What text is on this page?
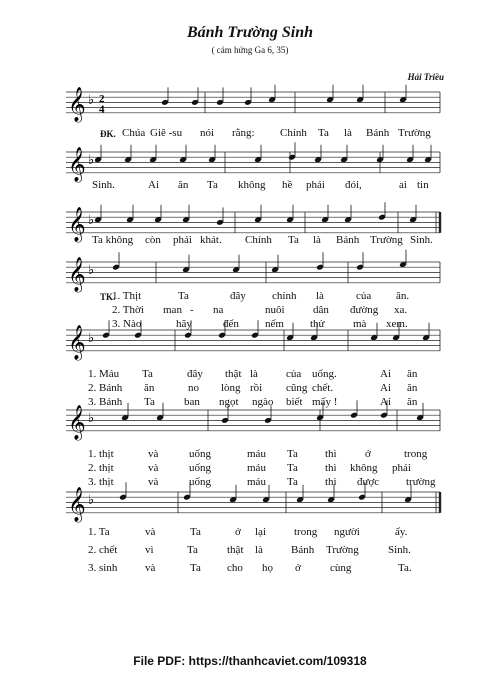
Bánh Trường Sinh
( cảm hứng Ga 6, 35)
Hải Triều
𝄞 ♭ 2
4
𝄞 ♭
𝄞 ♭
𝄞 ♭
𝄞 ♭
𝄞 ♭
𝄞 ♭
ĐK. Chúa Giê -su nói rằng: Chính Ta là Bánh Trường
Sinh.	Ai ăn Ta không hề phải đói,	ai tin
Ta không còn phải khát. Chính Ta là Bánh Trường Sinh.
TK.
1. Thịt	Ta	đây chính là	của ăn.
2. Thời man - na	nuôi	dân đường xa.
3. Nào	hãy	đến nếm thử	mà xem.
1. Máu Ta	đây thật là	của uống.	Ai ăn
2. Bánh ăn	no lòng rồi cũng chết.	Ai ăn
3. Bánh Ta	ban ngọt ngào biết mấy !	Ai ăn
1. thịt	và	uống	máu Ta thì	ở	trong
2. thịt	và	uống	máu Ta thì không phải
3. thịt	và	uống	máu Ta thì được trường
1. Ta	và	Ta	ở lại	trong người	ấy.
2. chết	vì	Ta	thật là	Bánh Trường	Sinh.
3. sinh	và	Ta cho họ ở	cùng	Ta.
File PDF: https://thanhcaviet.com/109318
